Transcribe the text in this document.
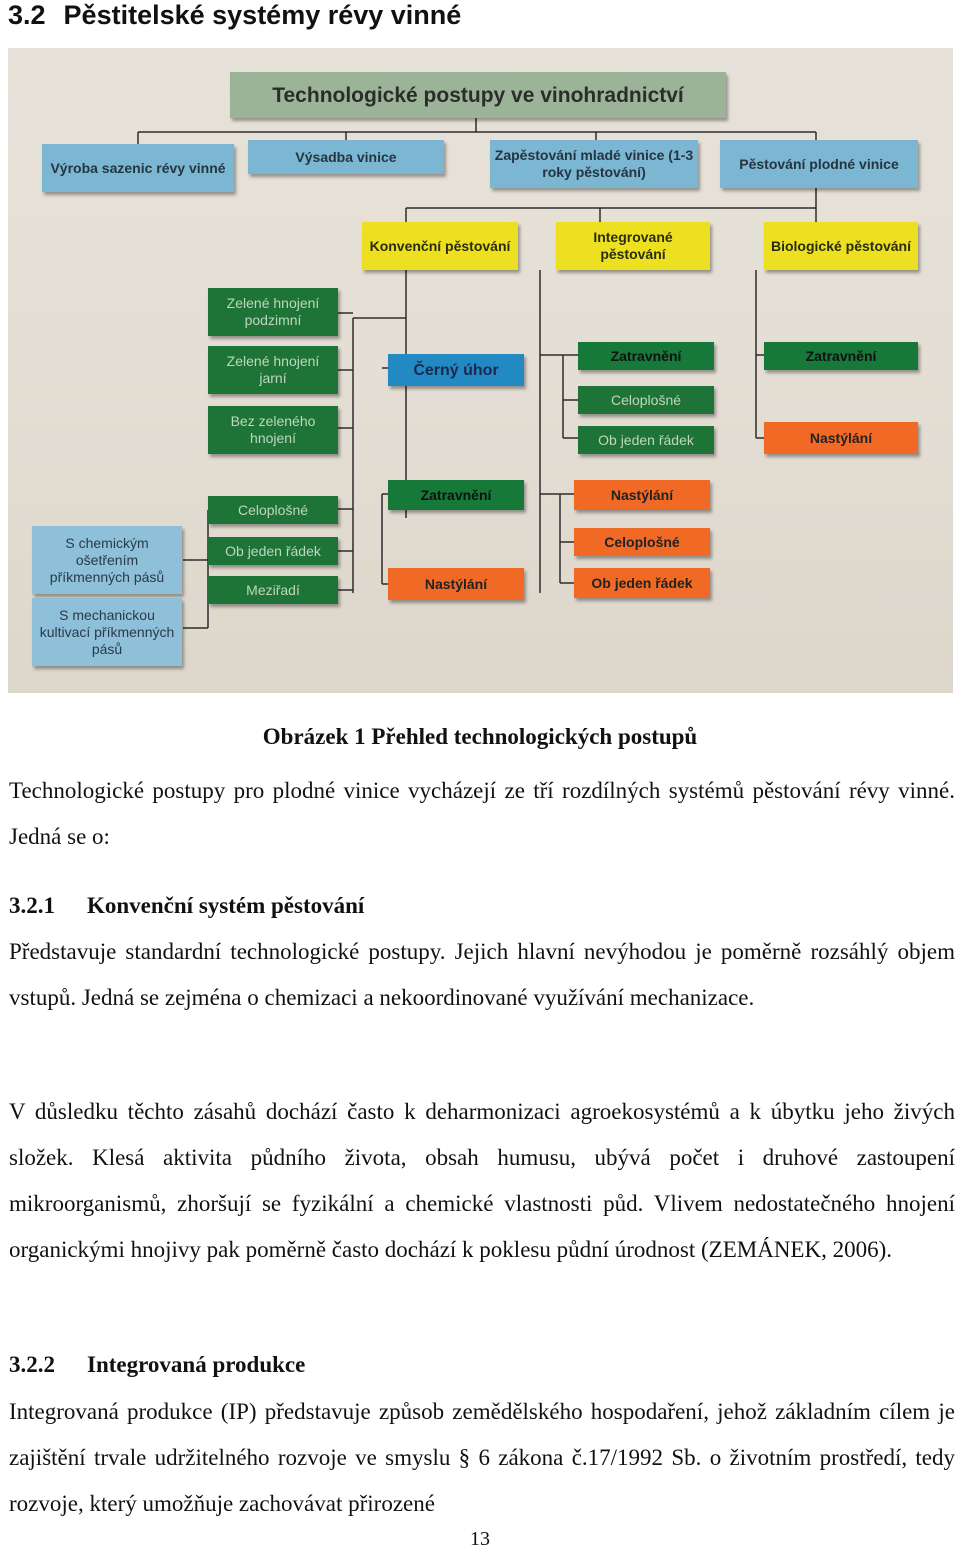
3.2 Pěstitelské systémy révy vinné
Technologické postupy ve vinohradnictví
Výroba sazenic révy vinné
Výsadba vinice	Zapěstování mladé vinice (1-3 roky pěstování)
Pěstování plodné vinice
Konvenční pěstování
Integrované pěstování
Biologické pěstování
Zelené hnojení podzimní
Zelené hnojení jarní
Bez zeleného hnojení
Černý úhor
Zatravnění
Celoplošné
Ob jeden řádek
Zatravnění
Nastýlání
Zatravnění
Celoplošné
Ob jeden řádek
Meziřadí	Nastýlání
Nastýlání
Celoplošné
Ob jeden řádek
S chemickým ošetřením příkmenných pásů
S mechanickou kultivací příkmenných pásů

Obrázek 1 Přehled technologických postupů

Technologické postupy pro plodné vinice vycházejí ze tří rozdílných systémů pěstování révy vinné. Jedná se o:

3.2.1 Konvenční systém pěstování

Představuje standardní technologické postupy. Jejich hlavní nevýhodou je poměrně rozsáhlý objem vstupů. Jedná se zejména o chemizaci a nekoordinované využívání mechanizace.

V důsledku těchto zásahů dochází často k deharmonizaci agroekosystémů a k úbytku jeho živých složek. Klesá aktivita půdního života, obsah humusu, ubývá počet i druhové zastoupení mikroorganismů, zhoršují se fyzikální a chemické vlastnosti půd. Vlivem nedostatečného hnojení organickými hnojivy pak poměrně často dochází k poklesu půdní úrodnost (ZEMÁNEK, 2006).

3.2.2 Integrovaná produkce

Integrovaná produkce (IP) představuje způsob zemědělského hospodaření, jehož základním cílem je zajištění trvale udržitelného rozvoje ve smyslu § 6 zákona č.17/1992 Sb. o životním prostředí, tedy rozvoje, který umožňuje zachovávat přirozené

13
